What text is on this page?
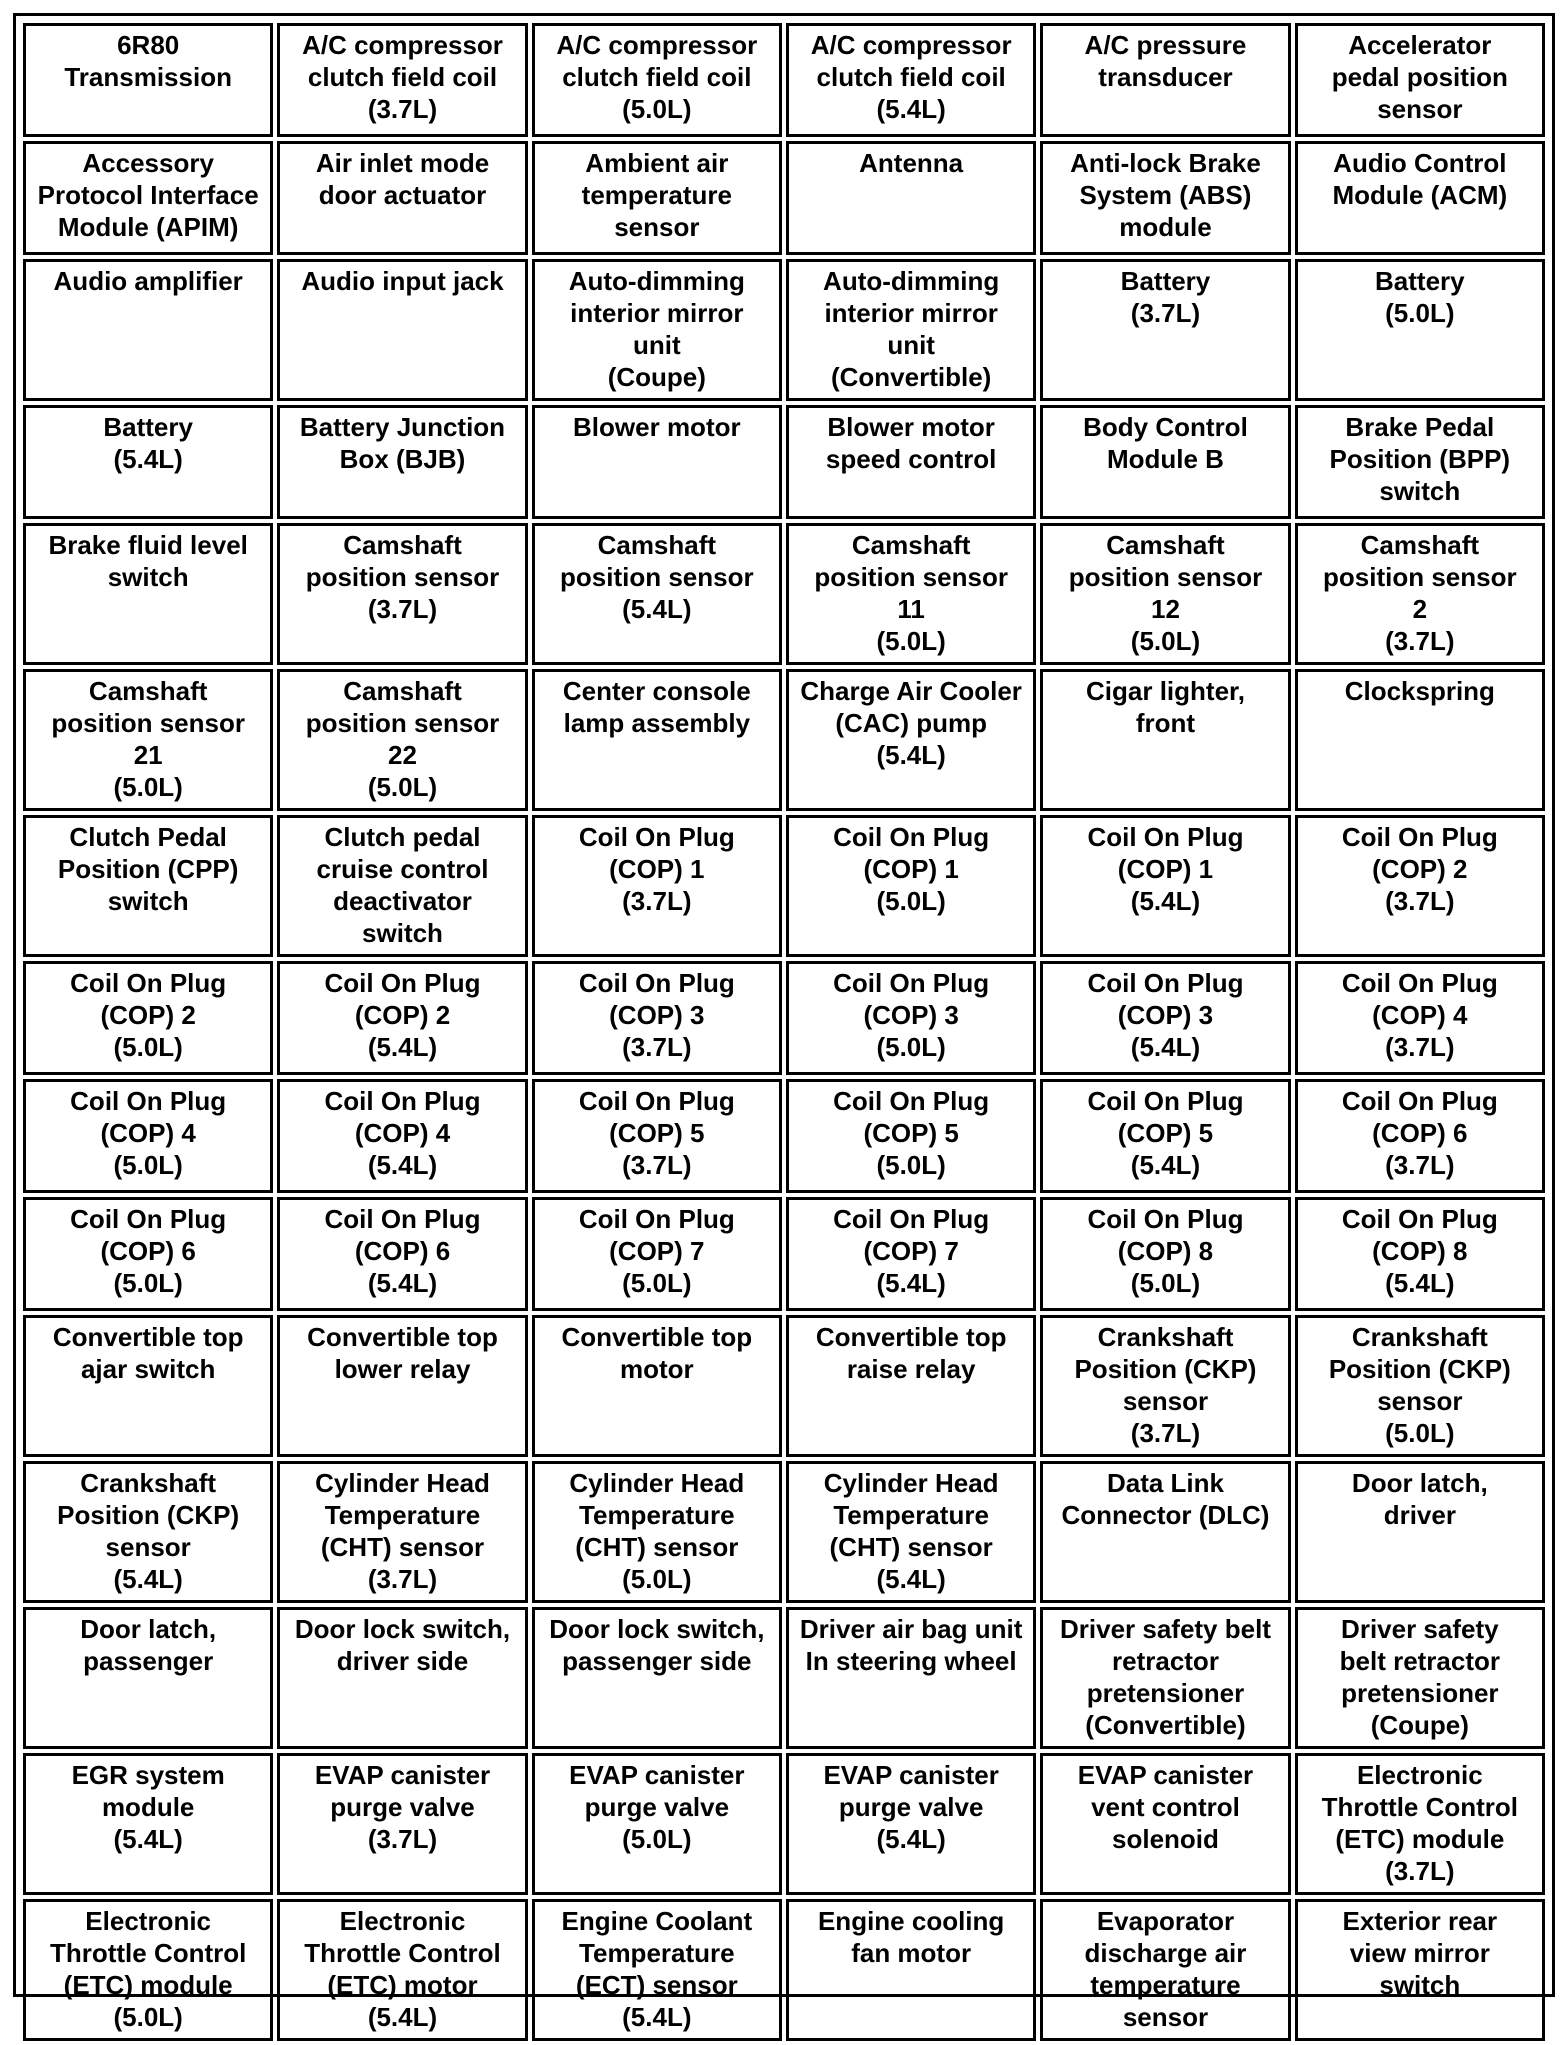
6R80
Transmission	A/C compressor
clutch field coil
(3.7L)	A/C compressor
clutch field coil
(5.0L)	A/C compressor
clutch field coil
(5.4L)	A/C pressure
transducer	Accelerator
pedal position
sensor

Accessory
Protocol Interface
Module (APIM)	Air inlet mode
door actuator	Ambient air
temperature
sensor	Antenna	Anti-lock Brake
System (ABS)
module	Audio Control
Module (ACM)

Audio amplifier	Audio input jack	Auto-dimming
interior mirror
unit
(Coupe)	Auto-dimming
interior mirror
unit
(Convertible)	Battery
(3.7L)	Battery
(5.0L)

Battery
(5.4L)	Battery Junction
Box (BJB)	Blower motor	Blower motor
speed control	Body Control
Module B	Brake Pedal
Position (BPP)
switch

Brake fluid level
switch	Camshaft
position sensor
(3.7L)	Camshaft
position sensor
(5.4L)	Camshaft
position sensor
11
(5.0L)	Camshaft
position sensor
12
(5.0L)	Camshaft
position sensor
2
(3.7L)

Camshaft
position sensor
21
(5.0L)	Camshaft
position sensor
22
(5.0L)	Center console
lamp assembly	Charge Air Cooler
(CAC) pump
(5.4L)	Cigar lighter,
front	Clockspring

Clutch Pedal
Position (CPP)
switch	Clutch pedal
cruise control
deactivator
switch	Coil On Plug
(COP) 1
(3.7L)	Coil On Plug
(COP) 1
(5.0L)	Coil On Plug
(COP) 1
(5.4L)	Coil On Plug
(COP) 2
(3.7L)

Coil On Plug
(COP) 2
(5.0L)	Coil On Plug
(COP) 2
(5.4L)	Coil On Plug
(COP) 3
(3.7L)	Coil On Plug
(COP) 3
(5.0L)	Coil On Plug
(COP) 3
(5.4L)	Coil On Plug
(COP) 4
(3.7L)

Coil On Plug
(COP) 4
(5.0L)	Coil On Plug
(COP) 4
(5.4L)	Coil On Plug
(COP) 5
(3.7L)	Coil On Plug
(COP) 5
(5.0L)	Coil On Plug
(COP) 5
(5.4L)	Coil On Plug
(COP) 6
(3.7L)

Coil On Plug
(COP) 6
(5.0L)	Coil On Plug
(COP) 6
(5.4L)	Coil On Plug
(COP) 7
(5.0L)	Coil On Plug
(COP) 7
(5.4L)	Coil On Plug
(COP) 8
(5.0L)	Coil On Plug
(COP) 8
(5.4L)

Convertible top
ajar switch	Convertible top
lower relay	Convertible top
motor	Convertible top
raise relay	Crankshaft
Position (CKP)
sensor
(3.7L)	Crankshaft
Position (CKP)
sensor
(5.0L)

Crankshaft
Position (CKP)
sensor
(5.4L)	Cylinder Head
Temperature
(CHT) sensor
(3.7L)	Cylinder Head
Temperature
(CHT) sensor
(5.0L)	Cylinder Head
Temperature
(CHT) sensor
(5.4L)	Data Link
Connector (DLC)	Door latch,
driver

Door latch,
passenger	Door lock switch,
driver side	Door lock switch,
passenger side	Driver air bag unit
In steering wheel	Driver safety belt
retractor
pretensioner
(Convertible)	Driver safety
belt retractor
pretensioner
(Coupe)

EGR system
module
(5.4L)	EVAP canister
purge valve
(3.7L)	EVAP canister
purge valve
(5.0L)	EVAP canister
purge valve
(5.4L)	EVAP canister
vent control
solenoid	Electronic
Throttle Control
(ETC) module
(3.7L)

Electronic
Throttle Control
(ETC) module
(5.0L)	Electronic
Throttle Control
(ETC) motor
(5.4L)	Engine Coolant
Temperature
(ECT) sensor
(5.4L)	Engine cooling
fan motor	Evaporator
discharge air
temperature
sensor	Exterior rear
view mirror
switch
